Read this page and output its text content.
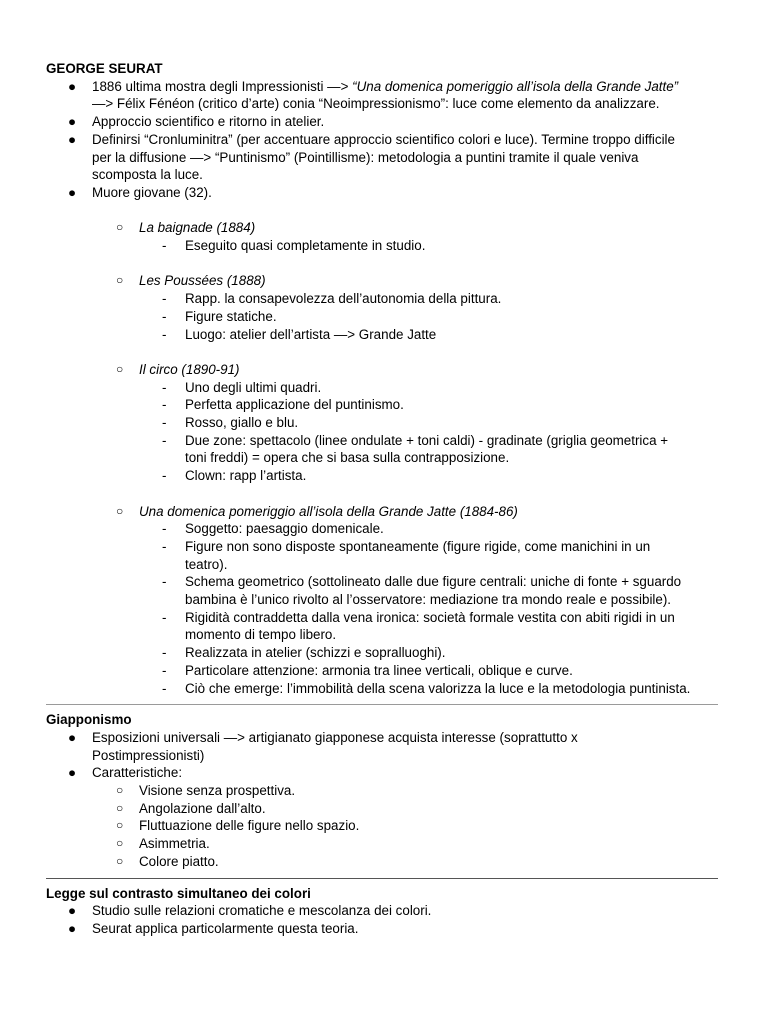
GEORGE SEURAT

● 1886 ultima mostra degli Impressionisti —> “Una domenica pomeriggio all’isola della Grande Jatte”
—> Félix Fénéon (critico d’arte) conia “Neoimpressionismo”: luce come elemento da analizzare.
● Approccio scientifico e ritorno in atelier.
● Definirsi “Cronluminitra” (per accentuare approccio scientifico colori e luce). Termine troppo difficile
per la diffusione —> “Puntinismo” (Pointillisme): metodologia a puntini tramite il quale veniva
scomposta la luce.
● Muore giovane (32).
○ La baignade (1884)
- Eseguito quasi completamente in studio.
○ Les Poussées (1888)
- Rapp. la consapevolezza dell’autonomia della pittura.
- Figure statiche.
- Luogo: atelier dell’artista —> Grande Jatte
○ Il circo (1890-91)
- Uno degli ultimi quadri.
- Perfetta applicazione del puntinismo.
- Rosso, giallo e blu.
- Due zone: spettacolo (linee ondulate + toni caldi) - gradinate (griglia geometrica +
toni freddi) = opera che si basa sulla contrapposizione.
- Clown: rapp l’artista.
○ Una domenica pomeriggio all’isola della Grande Jatte (1884-86)
- Soggetto: paesaggio domenicale.
- Figure non sono disposte spontaneamente (figure rigide, come manichini in un
teatro).
- Schema geometrico (sottolineato dalle due figure centrali: uniche di fonte + sguardo
bambina è l’unico rivolto al l’osservatore: mediazione tra mondo reale e possibile).
- Rigidità contraddetta dalla vena ironica: società formale vestita con abiti rigidi in un
momento di tempo libero.
- Realizzata in atelier (schizzi e sopralluoghi).
- Particolare attenzione: armonia tra linee verticali, oblique e curve.
- Ciò che emerge: l’immobilità della scena valorizza la luce e la metodologia puntinista.

Giapponismo

● Esposizioni universali —> artigianato giapponese acquista interesse (soprattutto x
Postimpressionisti)
● Caratteristiche:
○ Visione senza prospettiva.
○ Angolazione dall’alto.
○ Fluttuazione delle figure nello spazio.
○ Asimmetria.
○ Colore piatto.

Legge sul contrasto simultaneo dei colori

● Studio sulle relazioni cromatiche e mescolanza dei colori.
● Seurat applica particolarmente questa teoria.
